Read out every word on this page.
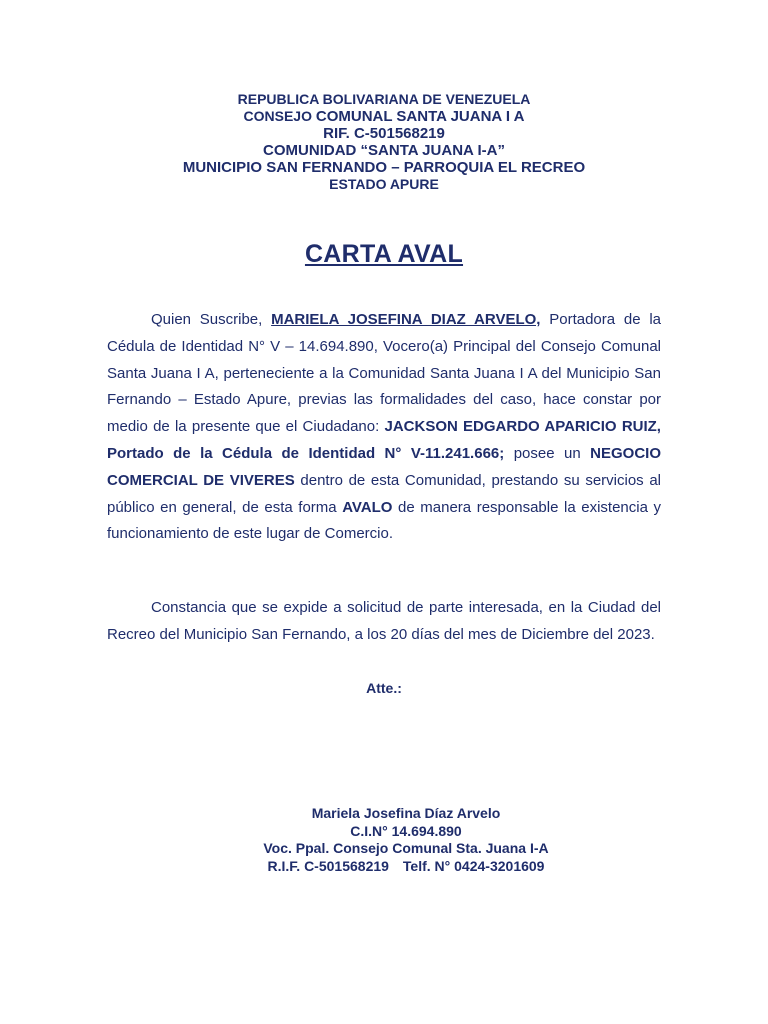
REPUBLICA BOLIVARIANA DE VENEZUELA
CONSEJO COMUNAL SANTA JUANA I A
RIF. C-501568219
COMUNIDAD “SANTA JUANA I-A”
MUNICIPIO SAN FERNANDO – PARROQUIA EL RECREO
ESTADO APURE
CARTA AVAL

Quien Suscribe, MARIELA JOSEFINA DIAZ ARVELO, Portadora de la Cédula de Identidad N° V – 14.694.890, Vocero(a) Principal del Consejo Comunal Santa Juana I A, perteneciente a la Comunidad Santa Juana I A del Municipio San Fernando – Estado Apure, previas las formalidades del caso, hace constar por medio de la presente que el Ciudadano: JACKSON EDGARDO APARICIO RUIZ, Portado de la Cédula de Identidad N° V-11.241.666; posee un NEGOCIO COMERCIAL DE VIVERES dentro de esta Comunidad, prestando su servicios al público en general, de esta forma AVALO de manera responsable la existencia y funcionamiento de este lugar de Comercio.

Constancia que se expide a solicitud de parte interesada, en la Ciudad del Recreo del Municipio San Fernando, a los 20 días del mes de Diciembre del 2023.

Atte.:
Mariela Josefina Díaz Arvelo
C.I.N° 14.694.890
Voc. Ppal. Consejo Comunal Sta. Juana I-A
R.I.F. C-501568219 Telf. N° 0424-3201609
